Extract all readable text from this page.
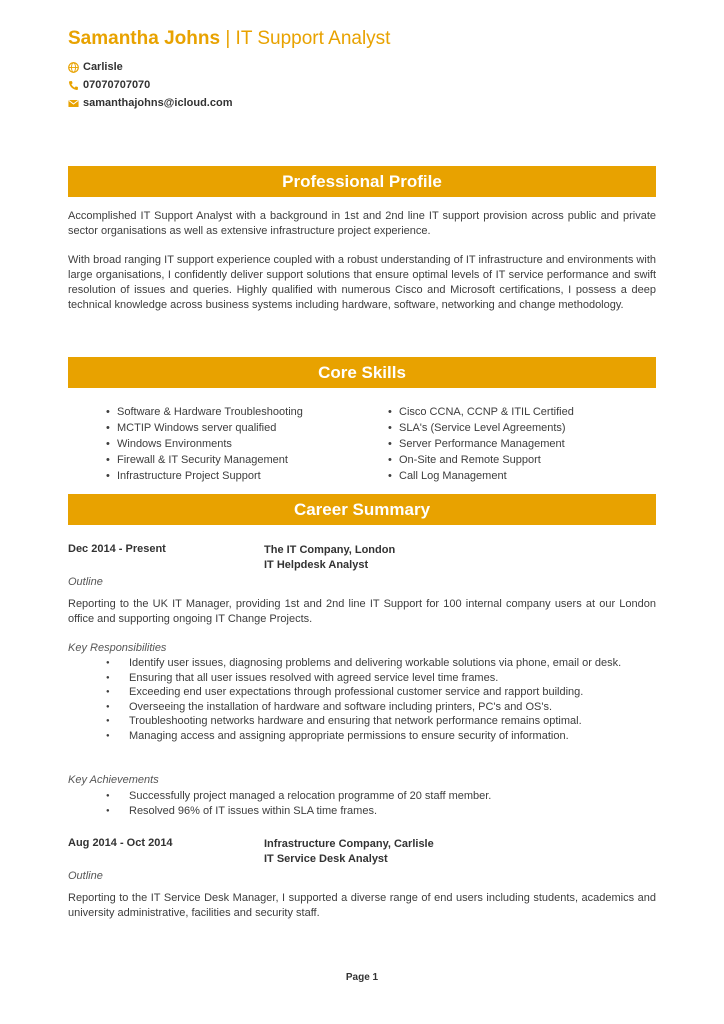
Samantha Johns | IT Support Analyst
Carlisle
07070707070
samanthajohns@icloud.com
Professional Profile
Accomplished IT Support Analyst with a background in 1st and 2nd line IT support provision across public and private sector organisations as well as extensive infrastructure project experience.
With broad ranging IT support experience coupled with a robust understanding of IT infrastructure and environments with large organisations, I confidently deliver support solutions that ensure optimal levels of IT service performance and swift resolution of issues and queries. Highly qualified with numerous Cisco and Microsoft certifications, I possess a deep technical knowledge across business systems including hardware, software, networking and change methodology.
Core Skills
• Software & Hardware Troubleshooting
• MCTIP Windows server qualified
• Windows Environments
• Firewall & IT Security Management
• Infrastructure Project Support
• Cisco CCNA, CCNP & ITIL Certified
• SLA's (Service Level Agreements)
• Server Performance Management
• On-Site and Remote Support
• Call Log Management
Career Summary
Dec 2014 - Present	The IT Company, London
IT Helpdesk Analyst
Outline
Reporting to the UK IT Manager, providing 1st and 2nd line IT Support for 100 internal company users at our London office and supporting ongoing IT Change Projects.
Key Responsibilities
● Identify user issues, diagnosing problems and delivering workable solutions via phone, email or desk.
● Ensuring that all user issues resolved with agreed service level time frames.
● Exceeding end user expectations through professional customer service and rapport building.
● Overseeing the installation of hardware and software including printers, PC's and OS's.
● Troubleshooting networks hardware and ensuring that network performance remains optimal.
● Managing access and assigning appropriate permissions to ensure security of information.
Key Achievements
● Successfully project managed a relocation programme of 20 staff member.
● Resolved 96% of IT issues within SLA time frames.
Aug 2014 - Oct 2014	Infrastructure Company, Carlisle
IT Service Desk Analyst
Outline
Reporting to the IT Service Desk Manager, I supported a diverse range of end users including students, academics and university administrative, facilities and security staff.
Page 1
